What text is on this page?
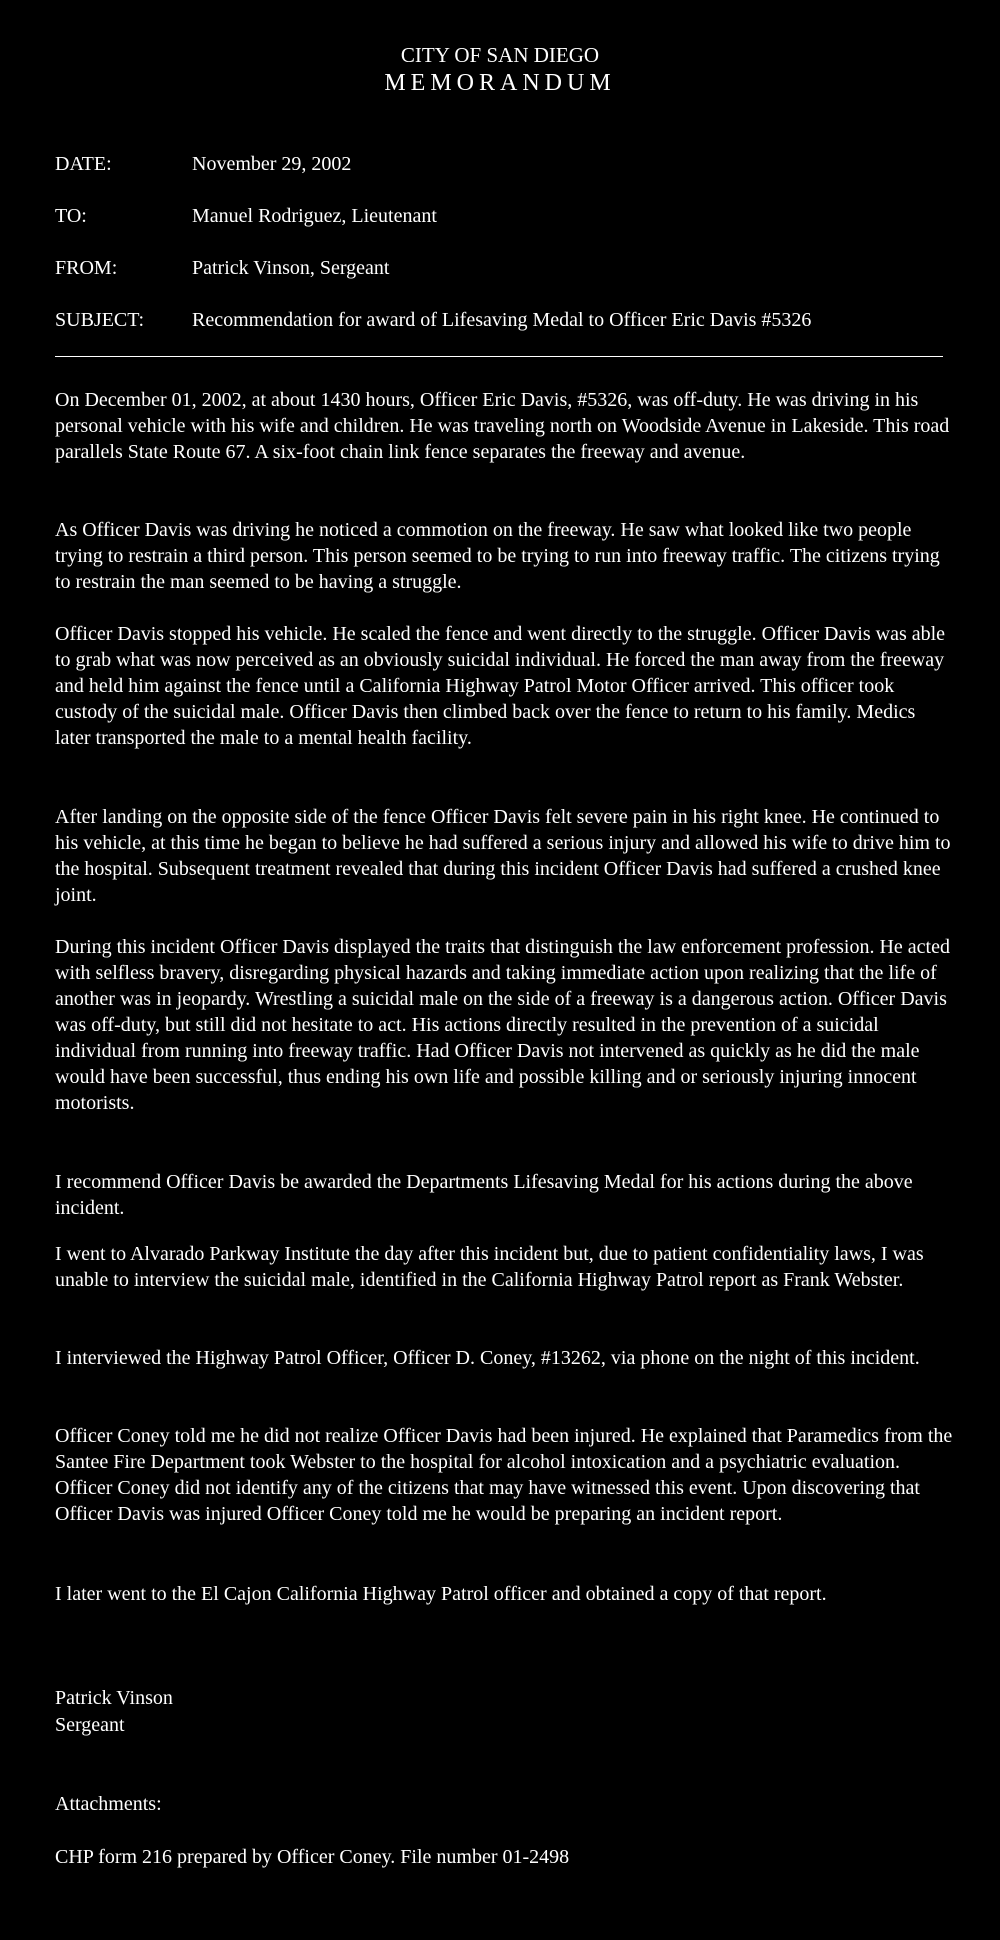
CITY OF SAN DIEGO
MEMORANDUM
DATE:	November 29, 2002
TO:	Manuel Rodriguez, Lieutenant
FROM:	Patrick Vinson, Sergeant
SUBJECT: Recommendation for award of Lifesaving Medal to Officer Eric Davis #5326

On December 01, 2002, at about 1430 hours, Officer Eric Davis, #5326, was off-duty. He was driving in his personal vehicle with his wife and children. He was traveling north on Woodside Avenue in Lakeside. This road parallels State Route 67. A six-foot chain link fence separates the freeway and avenue.

As Officer Davis was driving he noticed a commotion on the freeway. He saw what looked like two people trying to restrain a third person. This person seemed to be trying to run into freeway traffic. The citizens trying to restrain the man seemed to be having a struggle.

Officer Davis stopped his vehicle. He scaled the fence and went directly to the struggle. Officer Davis was able to grab what was now perceived as an obviously suicidal individual. He forced the man away from the freeway and held him against the fence until a California Highway Patrol Motor Officer arrived. This officer took custody of the suicidal male. Officer Davis then climbed back over the fence to return to his family. Medics later transported the male to a mental health facility.

After landing on the opposite side of the fence Officer Davis felt severe pain in his right knee. He continued to his vehicle, at this time he began to believe he had suffered a serious injury and allowed his wife to drive him to the hospital. Subsequent treatment revealed that during this incident Officer Davis had suffered a crushed knee joint.

During this incident Officer Davis displayed the traits that distinguish the law enforcement profession. He acted with selfless bravery, disregarding physical hazards and taking immediate action upon realizing that the life of another was in jeopardy. Wrestling a suicidal male on the side of a freeway is a dangerous action. Officer Davis was off-duty, but still did not hesitate to act. His actions directly resulted in the prevention of a suicidal individual from running into freeway traffic. Had Officer Davis not intervened as quickly as he did the male would have been successful, thus ending his own life and possible killing and or seriously injuring innocent motorists.

I recommend Officer Davis be awarded the Departments Lifesaving Medal for his actions during the above incident.

I went to Alvarado Parkway Institute the day after this incident but, due to patient confidentiality laws, I was unable to interview the suicidal male, identified in the California Highway Patrol report as Frank Webster.

I interviewed the Highway Patrol Officer, Officer D. Coney, #13262, via phone on the night of this incident.

Officer Coney told me he did not realize Officer Davis had been injured. He explained that Paramedics from the Santee Fire Department took Webster to the hospital for alcohol intoxication and a psychiatric evaluation. Officer Coney did not identify any of the citizens that may have witnessed this event. Upon discovering that Officer Davis was injured Officer Coney told me he would be preparing an incident report.

I later went to the El Cajon California Highway Patrol officer and obtained a copy of that report.

Patrick Vinson
Sergeant
Attachments:
CHP form 216 prepared by Officer Coney. File number 01-2498
